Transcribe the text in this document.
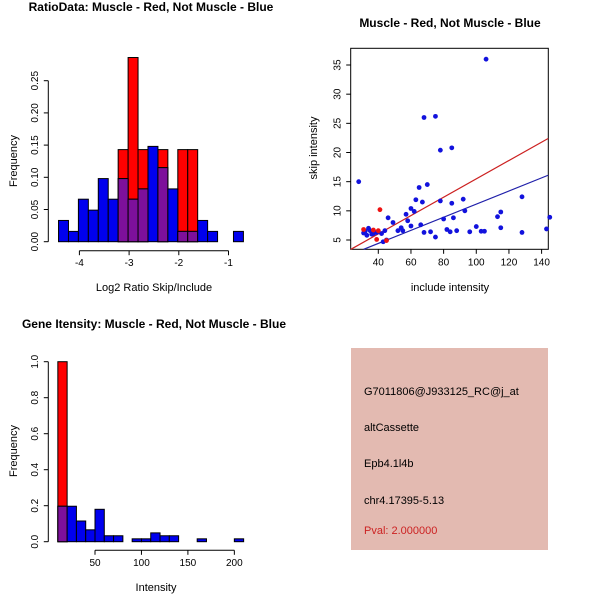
0.00
0.05
0.10
0.15
0.20
0.25
-4	-3	-2	-1	40 60 80 100 120 140
5
10
15
20
25
30
35
0.0
0.2
0.4
0.6
0.8
1.0
50	100	150	200
RatioData: Muscle - Red, Not Muscle - Blue
Muscle - Red, Not Muscle - Blue
Gene Itensity: Muscle - Red, Not Muscle - Blue
Log2 Ratio Skip/Include	include intensity
Intensity
Frequency	skip intensity
Frequency
G7011806@J933125_RC@j_at
altCassette
Epb4.1l4b
chr4.17395-5.13
Pval: 2.000000
